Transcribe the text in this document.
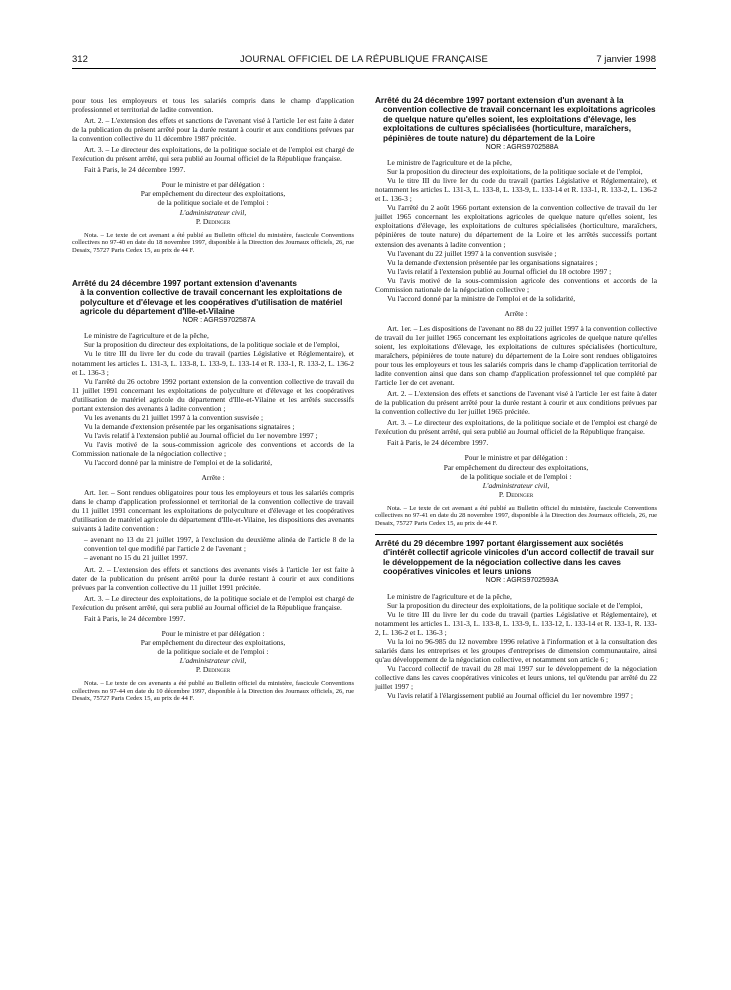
312	JOURNAL OFFICIEL DE LA RÉPUBLIQUE FRANÇAISE	7 janvier 1998

pour tous les employeurs et tous les salariés compris dans le champ d'application professionnel et territorial de ladite convention.

Art. 2. – L'extension des effets et sanctions de l'avenant visé à l'article 1er est faite à dater de la publication du présent arrêté pour la durée restant à courir et aux conditions prévues par la convention collective du 11 décembre 1987 précitée.

Art. 3. – Le directeur des exploitations, de la politique sociale et de l'emploi est chargé de l'exécution du présent arrêté, qui sera publié au Journal officiel de la République française.

Fait à Paris, le 24 décembre 1997.

Pour le ministre et par délégation :

Par empêchement du directeur des exploitations,

de la politique sociale et de l'emploi :

L'administrateur civil,

P. Dedinger

Nota. – Le texte de cet avenant a été publié au Bulletin officiel du ministère, fascicule Conventions collectives no 97-40 en date du 18 novembre 1997, disponible à la Direction des Journaux officiels, 26, rue Desaix, 75727 Paris Cedex 15, au prix de 44 F.

Arrêté du 24 décembre 1997 portant extension d'avenants
à la convention collective de travail concernant les exploitations de polyculture et d'élevage et les coopératives d'utilisation de matériel agricole du département d'Ille-et-Vilaine

NOR : AGRS9702587A

Le ministre de l'agriculture et de la pêche,

Sur la proposition du directeur des exploitations, de la politique sociale et de l'emploi,

Vu le titre III du livre Ier du code du travail (parties Législative et Réglementaire), et notamment les articles L. 131-3, L. 133-8, L. 133-9, L. 133-14 et R. 133-1, R. 133-2, L. 136-2 et L. 136-3 ;

Vu l'arrêté du 26 octobre 1992 portant extension de la convention collective de travail du 11 juillet 1991 concernant les exploitations de polyculture et d'élevage et les coopératives d'utilisation de matériel agricole du département d'Ille-et-Vilaine et les arrêtés successifs portant extension des avenants à ladite convention ;

Vu les avenants du 21 juillet 1997 à la convention susvisée ;

Vu la demande d'extension présentée par les organisations signataires ;

Vu l'avis relatif à l'extension publié au Journal officiel du 1er novembre 1997 ;

Vu l'avis motivé de la sous-commission agricole des conventions et accords de la Commission nationale de la négociation collective ;

Vu l'accord donné par la ministre de l'emploi et de la solidarité,

Arrête :

Art. 1er. – Sont rendues obligatoires pour tous les employeurs et tous les salariés compris dans le champ d'application professionnel et territorial de la convention collective de travail du 11 juillet 1991 concernant les exploitations de polyculture et d'élevage et les coopératives d'utilisation de matériel agricole du département d'Ille-et-Vilaine, les dispositions des avenants suivants à ladite convention :

– avenant no 13 du 21 juillet 1997, à l'exclusion du deuxième alinéa de l'article 8 de la convention tel que modifié par l'article 2 de l'avenant ;

– avenant no 15 du 21 juillet 1997.

Art. 2. – L'extension des effets et sanctions des avenants visés à l'article 1er est faite à dater de la publication du présent arrêté pour la durée restant à courir et aux conditions prévues par la convention collective du 11 juillet 1991 précitée.

Art. 3. – Le directeur des exploitations, de la politique sociale et de l'emploi est chargé de l'exécution du présent arrêté, qui sera publié au Journal officiel de la République française.

Fait à Paris, le 24 décembre 1997.

Pour le ministre et par délégation :

Par empêchement du directeur des exploitations,

de la politique sociale et de l'emploi :

L'administrateur civil,

P. Dedinger

Nota. – Le texte de ces avenants a été publié au Bulletin officiel du ministère, fascicule Conventions collectives no 97-44 en date du 10 décembre 1997, disponible à la Direction des Journaux officiels, 26, rue Desaix, 75727 Paris Cedex 15, au prix de 44 F.

Arrêté du 24 décembre 1997 portant extension d'un avenant à la convention collective de travail concernant les exploitations agricoles de quelque nature qu'elles soient, les exploitations d'élevage, les exploitations de cultures spécialisées (horticulture, maraîchers, pépinières de toute nature) du département de la Loire

NOR : AGRS9702588A

Le ministre de l'agriculture et de la pêche,

Sur la proposition du directeur des exploitations, de la politique sociale et de l'emploi,

Vu le titre III du livre Ier du code du travail (parties Législative et Réglementaire), et notamment les articles L. 131-3, L. 133-8, L. 133-9, L. 133-14 et R. 133-1, R. 133-2, L. 136-2 et L. 136-3 ;

Vu l'arrêté du 2 août 1966 portant extension de la convention collective de travail du 1er juillet 1965 concernant les exploitations agricoles de quelque nature qu'elles soient, les exploitations d'élevage, les exploitations de cultures spécialisées (horticulture, maraîchers, pépinières de toute nature) du département de la Loire et les arrêtés successifs portant extension des avenants à ladite convention ;

Vu l'avenant du 22 juillet 1997 à la convention susvisée ;

Vu la demande d'extension présentée par les organisations signataires ;

Vu l'avis relatif à l'extension publié au Journal officiel du 18 octobre 1997 ;

Vu l'avis motivé de la sous-commission agricole des conventions et accords de la Commission nationale de la négociation collective ;

Vu l'accord donné par la ministre de l'emploi et de la solidarité,

Arrête :

Art. 1er. – Les dispositions de l'avenant no 88 du 22 juillet 1997 à la convention collective de travail du 1er juillet 1965 concernant les exploitations agricoles de quelque nature qu'elles soient, les exploitations d'élevage, les exploitations de cultures spécialisées (horticulture, maraîchers, pépinières de toute nature) du département de la Loire sont rendues obligatoires pour tous les employeurs et tous les salariés compris dans le champ d'application territorial de ladite convention ainsi que dans son champ d'application professionnel tel que complété par l'article 1er de cet avenant.

Art. 2. – L'extension des effets et sanctions de l'avenant visé à l'article 1er est faite à dater de la publication du présent arrêté pour la durée restant à courir et aux conditions prévues par la convention collective du 1er juillet 1965 précitée.

Art. 3. – Le directeur des exploitations, de la politique sociale et de l'emploi est chargé de l'exécution du présent arrêté, qui sera publié au Journal officiel de la République française.

Fait à Paris, le 24 décembre 1997.

Pour le ministre et par délégation :

Par empêchement du directeur des exploitations,

de la politique sociale et de l'emploi :

L'administrateur civil,

P. Dedinger

Nota. – Le texte de cet avenant a été publié au Bulletin officiel du ministère, fascicule Conventions collectives no 97-41 en date du 28 novembre 1997, disponible à la Direction des Journaux officiels, 26, rue Desaix, 75727 Paris Cedex 15, au prix de 44 F.

Arrêté du 29 décembre 1997 portant élargissement aux sociétés d'intérêt collectif agricole vinicoles d'un accord collectif de travail sur le développement de la négociation collective dans les caves coopératives vinicoles et leurs unions

NOR : AGRS9702593A

Le ministre de l'agriculture et de la pêche,

Sur la proposition du directeur des exploitations, de la politique sociale et de l'emploi,

Vu le titre III du livre Ier du code du travail (parties Législative et Réglementaire), et notamment les articles L. 131-3, L. 133-8, L. 133-9, L. 133-12, L. 133-14 et R. 133-1, R. 133-2, L. 136-2 et L. 136-3 ;

Vu la loi no 96-985 du 12 novembre 1996 relative à l'information et à la consultation des salariés dans les entreprises et les groupes d'entreprises de dimension communautaire, ainsi qu'au développement de la négociation collective, et notamment son article 6 ;

Vu l'accord collectif de travail du 28 mai 1997 sur le développement de la négociation collective dans les caves coopératives vinicoles et leurs unions, tel qu'étendu par arrêté du 22 juillet 1997 ;

Vu l'avis relatif à l'élargissement publié au Journal officiel du 1er novembre 1997 ;
